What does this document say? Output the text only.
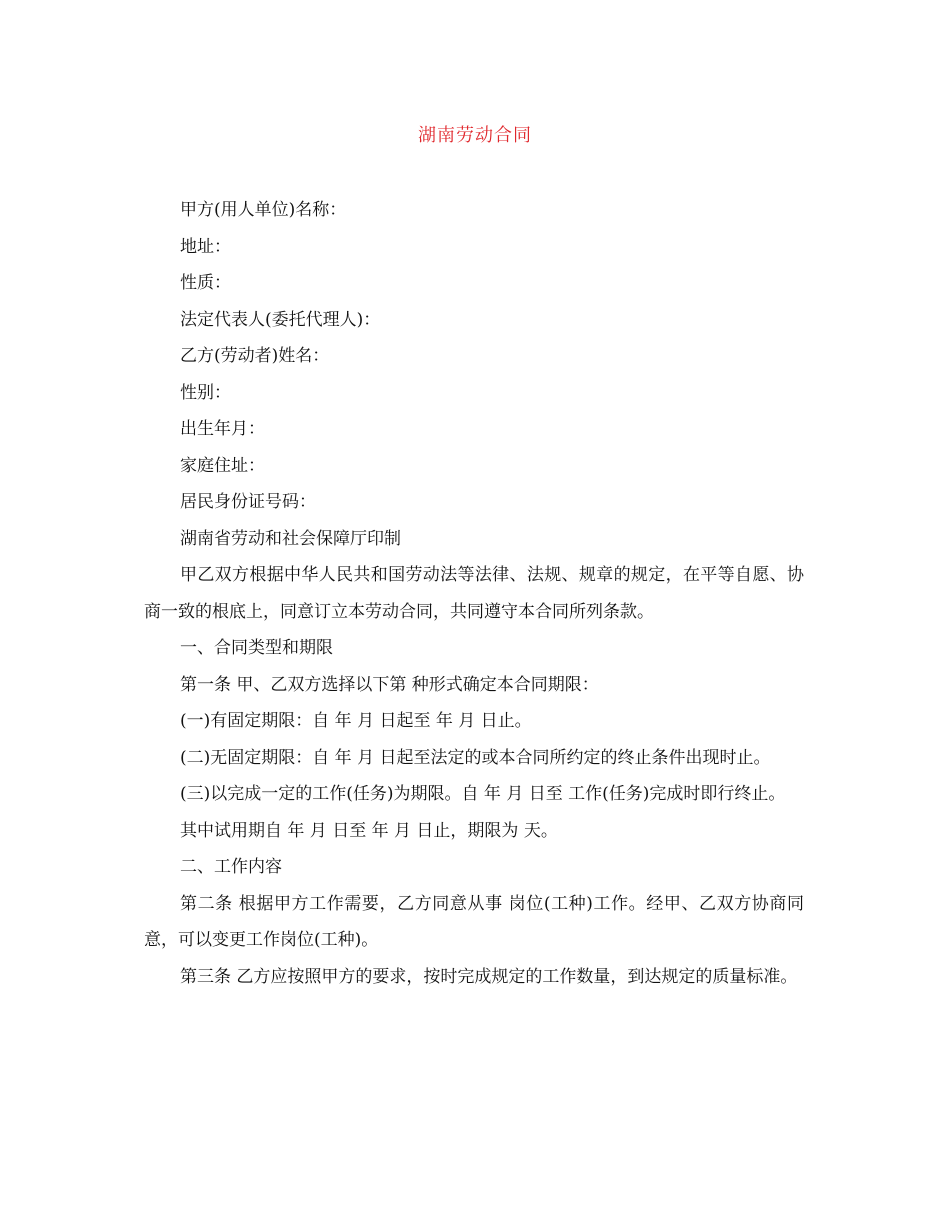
湖南劳动合同

甲方(用人单位)名称：

地址：

性质：

法定代表人(委托代理人)：

乙方(劳动者)姓名：

性别：

出生年月：

家庭住址：

居民身份证号码：

湖南省劳动和社会保障厅印制

甲乙双方根据中华人民共和国劳动法等法律、法规、规章的规定，在平等自愿、协商一致的根底上，同意订立本劳动合同，共同遵守本合同所列条款。

一、合同类型和期限

第一条 甲、乙双方选择以下第 种形式确定本合同期限：

(一)有固定期限：自 年 月 日起至 年 月 日止。

(二)无固定期限：自 年 月 日起至法定的或本合同所约定的终止条件出现时止。

(三)以完成一定的工作(任务)为期限。自 年 月 日至 工作(任务)完成时即行终止。

其中试用期自 年 月 日至 年 月 日止，期限为 天。

二、工作内容

第二条 根据甲方工作需要，乙方同意从事 岗位(工种)工作。经甲、乙双方协商同意，可以变更工作岗位(工种)。

第三条 乙方应按照甲方的要求，按时完成规定的工作数量，到达规定的质量标准。
